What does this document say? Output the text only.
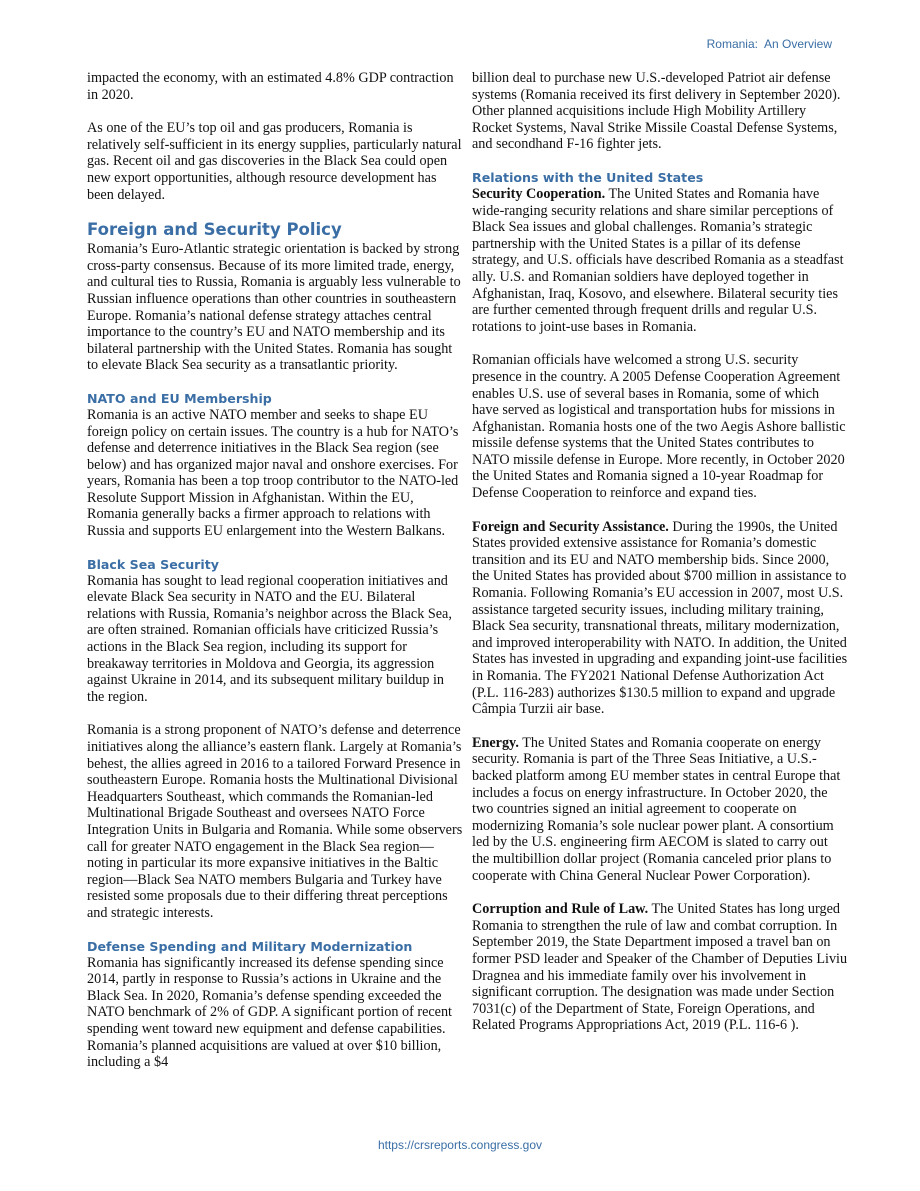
Romania:  An Overview

impacted the economy, with an estimated 4.8% GDP contraction in 2020.

As one of the EU’s top oil and gas producers, Romania is relatively self-sufficient in its energy supplies, particularly natural gas. Recent oil and gas discoveries in the Black Sea could open new export opportunities, although resource development has been delayed.

Foreign and Security Policy

Romania’s Euro-Atlantic strategic orientation is backed by strong cross-party consensus. Because of its more limited trade, energy, and cultural ties to Russia, Romania is arguably less vulnerable to Russian influence operations than other countries in southeastern Europe. Romania’s national defense strategy attaches central importance to the country’s EU and NATO membership and its bilateral partnership with the United States. Romania has sought to elevate Black Sea security as a transatlantic priority.

NATO and EU Membership

Romania is an active NATO member and seeks to shape EU foreign policy on certain issues. The country is a hub for NATO’s defense and deterrence initiatives in the Black Sea region (see below) and has organized major naval and onshore exercises. For years, Romania has been a top troop contributor to the NATO-led Resolute Support Mission in Afghanistan. Within the EU, Romania generally backs a firmer approach to relations with Russia and supports EU enlargement into the Western Balkans.

Black Sea Security

Romania has sought to lead regional cooperation initiatives and elevate Black Sea security in NATO and the EU. Bilateral relations with Russia, Romania’s neighbor across the Black Sea, are often strained. Romanian officials have criticized Russia’s actions in the Black Sea region, including its support for breakaway territories in Moldova and Georgia, its aggression against Ukraine in 2014, and its subsequent military buildup in the region.

Romania is a strong proponent of NATO’s defense and deterrence initiatives along the alliance’s eastern flank. Largely at Romania’s behest, the allies agreed in 2016 to a tailored Forward Presence in southeastern Europe. Romania hosts the Multinational Divisional Headquarters Southeast, which commands the Romanian-led Multinational Brigade Southeast and oversees NATO Force Integration Units in Bulgaria and Romania. While some observers call for greater NATO engagement in the Black Sea region—noting in particular its more expansive initiatives in the Baltic region—Black Sea NATO members Bulgaria and Turkey have resisted some proposals due to their differing threat perceptions and strategic interests.

Defense Spending and Military Modernization

Romania has significantly increased its defense spending since 2014, partly in response to Russia’s actions in Ukraine and the Black Sea. In 2020, Romania’s defense spending exceeded the NATO benchmark of 2% of GDP. A significant portion of recent spending went toward new equipment and defense capabilities. Romania’s planned acquisitions are valued at over $10 billion, including a $4

billion deal to purchase new U.S.-developed Patriot air defense systems (Romania received its first delivery in September 2020). Other planned acquisitions include High Mobility Artillery Rocket Systems, Naval Strike Missile Coastal Defense Systems, and secondhand F-16 fighter jets.

Relations with the United States

Security Cooperation. The United States and Romania have wide-ranging security relations and share similar perceptions of Black Sea issues and global challenges. Romania’s strategic partnership with the United States is a pillar of its defense strategy, and U.S. officials have described Romania as a steadfast ally. U.S. and Romanian soldiers have deployed together in Afghanistan, Iraq, Kosovo, and elsewhere. Bilateral security ties are further cemented through frequent drills and regular U.S. rotations to joint-use bases in Romania.

Romanian officials have welcomed a strong U.S. security presence in the country. A 2005 Defense Cooperation Agreement enables U.S. use of several bases in Romania, some of which have served as logistical and transportation hubs for missions in Afghanistan. Romania hosts one of the two Aegis Ashore ballistic missile defense systems that the United States contributes to NATO missile defense in Europe. More recently, in October 2020 the United States and Romania signed a 10-year Roadmap for Defense Cooperation to reinforce and expand ties.

Foreign and Security Assistance. During the 1990s, the United States provided extensive assistance for Romania’s domestic transition and its EU and NATO membership bids. Since 2000, the United States has provided about $700 million in assistance to Romania. Following Romania’s EU accession in 2007, most U.S. assistance targeted security issues, including military training, Black Sea security, transnational threats, military modernization, and improved interoperability with NATO. In addition, the United States has invested in upgrading and expanding joint-use facilities in Romania. The FY2021 National Defense Authorization Act (P.L. 116-283) authorizes $130.5 million to expand and upgrade Câmpia Turzii air base.

Energy. The United States and Romania cooperate on energy security. Romania is part of the Three Seas Initiative, a U.S.-backed platform among EU member states in central Europe that includes a focus on energy infrastructure. In October 2020, the two countries signed an initial agreement to cooperate on modernizing Romania’s sole nuclear power plant. A consortium led by the U.S. engineering firm AECOM is slated to carry out the multibillion dollar project (Romania canceled prior plans to cooperate with China General Nuclear Power Corporation).

Corruption and Rule of Law. The United States has long urged Romania to strengthen the rule of law and combat corruption. In September 2019, the State Department imposed a travel ban on former PSD leader and Speaker of the Chamber of Deputies Liviu Dragnea and his immediate family over his involvement in significant corruption. The designation was made under Section 7031(c) of the Department of State, Foreign Operations, and Related Programs Appropriations Act, 2019 (P.L. 116-6 ).

https://crsreports.congress.gov
